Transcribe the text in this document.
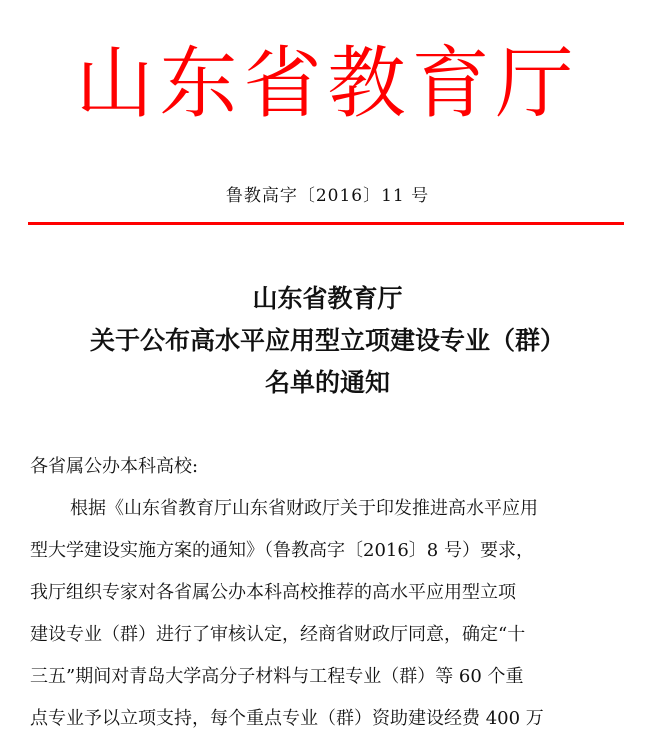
山东省教育厅
鲁教高字〔2016〕11 号
山东省教育厅
关于公布高水平应用型立项建设专业（群）
名单的通知
各省属公办本科高校:
根据《山东省教育厅山东省财政厅关于印发推进高水平应用
型大学建设实施方案的通知》（鲁教高字〔2016〕8 号）要求，
我厅组织专家对各省属公办本科高校推荐的高水平应用型立项
建设专业（群）进行了审核认定，经商省财政厅同意，确定“十
三五”期间对青岛大学高分子材料与工程专业（群）等 60 个重
点专业予以立项支持，每个重点专业（群）资助建设经费 400 万
